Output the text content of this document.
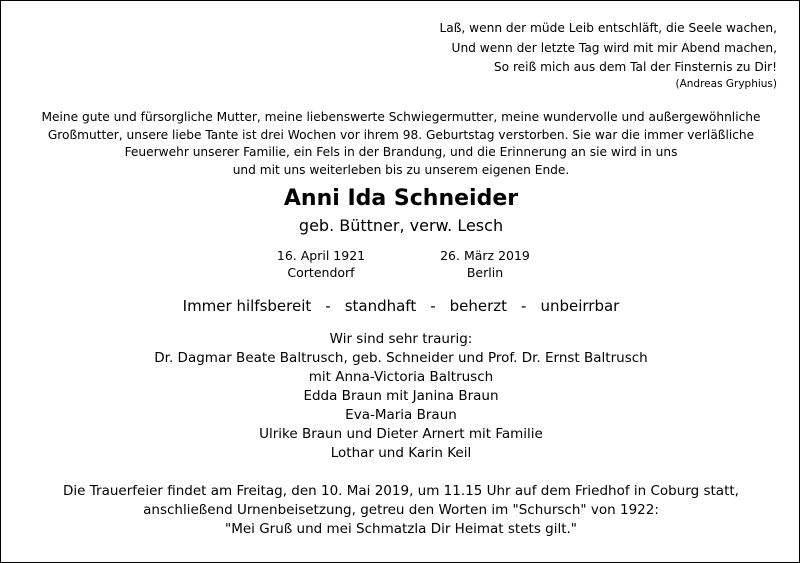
Laß, wenn der müde Leib entschläft, die Seele wachen,
Und wenn der letzte Tag wird mit mir Abend machen,
So reiß mich aus dem Tal der Finsternis zu Dir!
(Andreas Gryphius)
Meine gute und fürsorgliche Mutter, meine liebenswerte Schwiegermutter, meine wundervolle und außergewöhnliche
Großmutter, unsere liebe Tante ist drei Wochen vor ihrem 98. Geburtstag verstorben. Sie war die immer verläßliche
Feuerwehr unserer Familie, ein Fels in der Brandung, und die Erinnerung an sie wird in uns
und mit uns weiterleben bis zu unserem eigenen Ende.
Anni Ida Schneider
geb. Büttner, verw. Lesch
16. April 1921
Cortendorf
26. März 2019
Berlin
Immer hilfsbereit - standhaft - beherzt - unbeirrbar
Wir sind sehr traurig:
Dr. Dagmar Beate Baltrusch, geb. Schneider und Prof. Dr. Ernst Baltrusch
mit Anna-Victoria Baltrusch
Edda Braun mit Janina Braun
Eva-Maria Braun
Ulrike Braun und Dieter Arnert mit Familie
Lothar und Karin Keil
Die Trauerfeier findet am Freitag, den 10. Mai 2019, um 11.15 Uhr auf dem Friedhof in Coburg statt,
anschließend Urnenbeisetzung, getreu den Worten im "Schursch" von 1922:
"Mei Gruß und mei Schmatzla Dir Heimat stets gilt."
